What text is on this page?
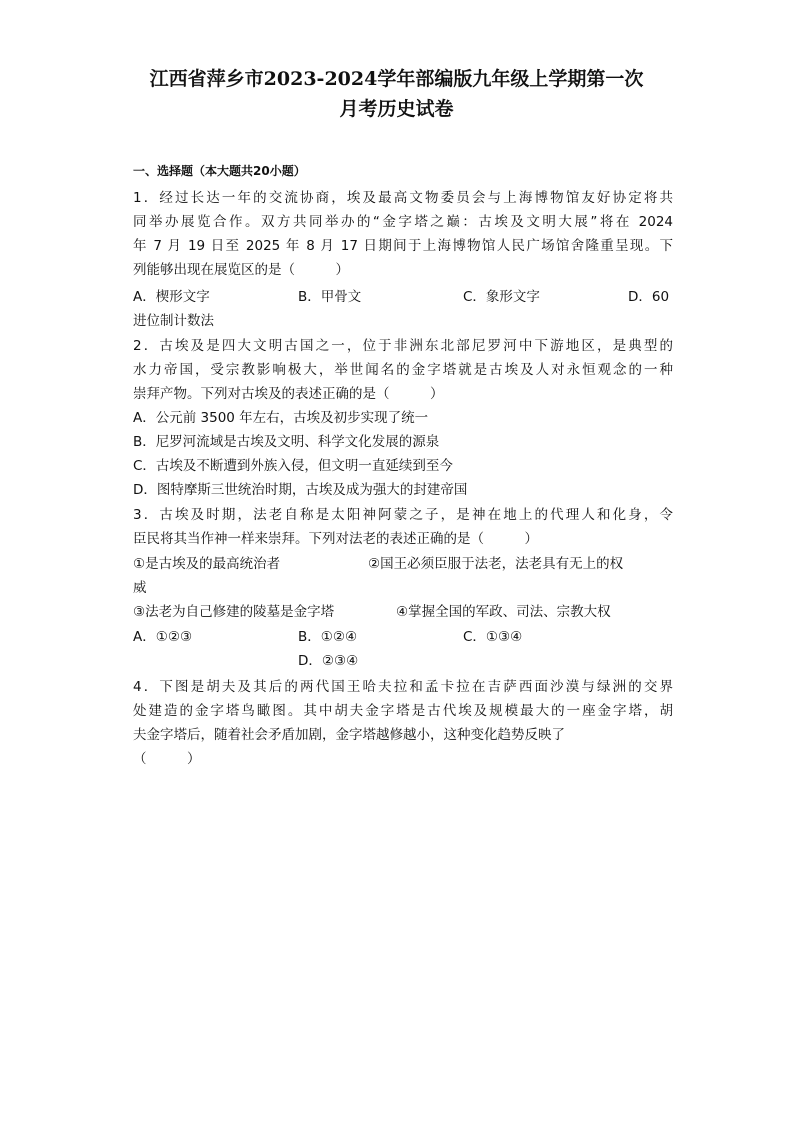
江西省萍乡市2023-2024学年部编版九年级上学期第一次
月考历史试卷
一、选择题（本大题共20小题）
1．经过长达一年的交流协商，埃及最高文物委员会与上海博物馆友好协定将共
同举办展览合作。双方共同举办的“金字塔之巅：古埃及文明大展”将在 2024
年 7 月 19 日至 2025 年 8 月 17 日期间于上海博物馆人民广场馆舍隆重呈现。下
列能够出现在展览区的是（　　　）
A．楔形文字	B．甲骨文	C．象形文字	D．60
进位制计数法
2．古埃及是四大文明古国之一，位于非洲东北部尼罗河中下游地区，是典型的
水力帝国，受宗教影响极大，举世闻名的金字塔就是古埃及人对永恒观念的一种
崇拜产物。下列对古埃及的表述正确的是（　　　）
A．公元前 3500 年左右，古埃及初步实现了统一
B．尼罗河流域是古埃及文明、科学文化发展的源泉
C．古埃及不断遭到外族入侵，但文明一直延续到至今
D．图特摩斯三世统治时期，古埃及成为强大的封建帝国
3．古埃及时期，法老自称是太阳神阿蒙之子，是神在地上的代理人和化身，令
臣民将其当作神一样来崇拜。下列对法老的表述正确的是（　　　）
①是古埃及的最高统治者	②国王必须臣服于法老，法老具有无上的权
威
③法老为自己修建的陵墓是金字塔	④掌握全国的军政、司法、宗教大权
A．①②③	B．①②④	C．①③④
D．②③④
4．下图是胡夫及其后的两代国王哈夫拉和孟卡拉在吉萨西面沙漠与绿洲的交界
处建造的金字塔鸟瞰图。其中胡夫金字塔是古代埃及规模最大的一座金字塔，胡
夫金字塔后，随着社会矛盾加剧，金字塔越修越小，这种变化趋势反映了
（　　　）
